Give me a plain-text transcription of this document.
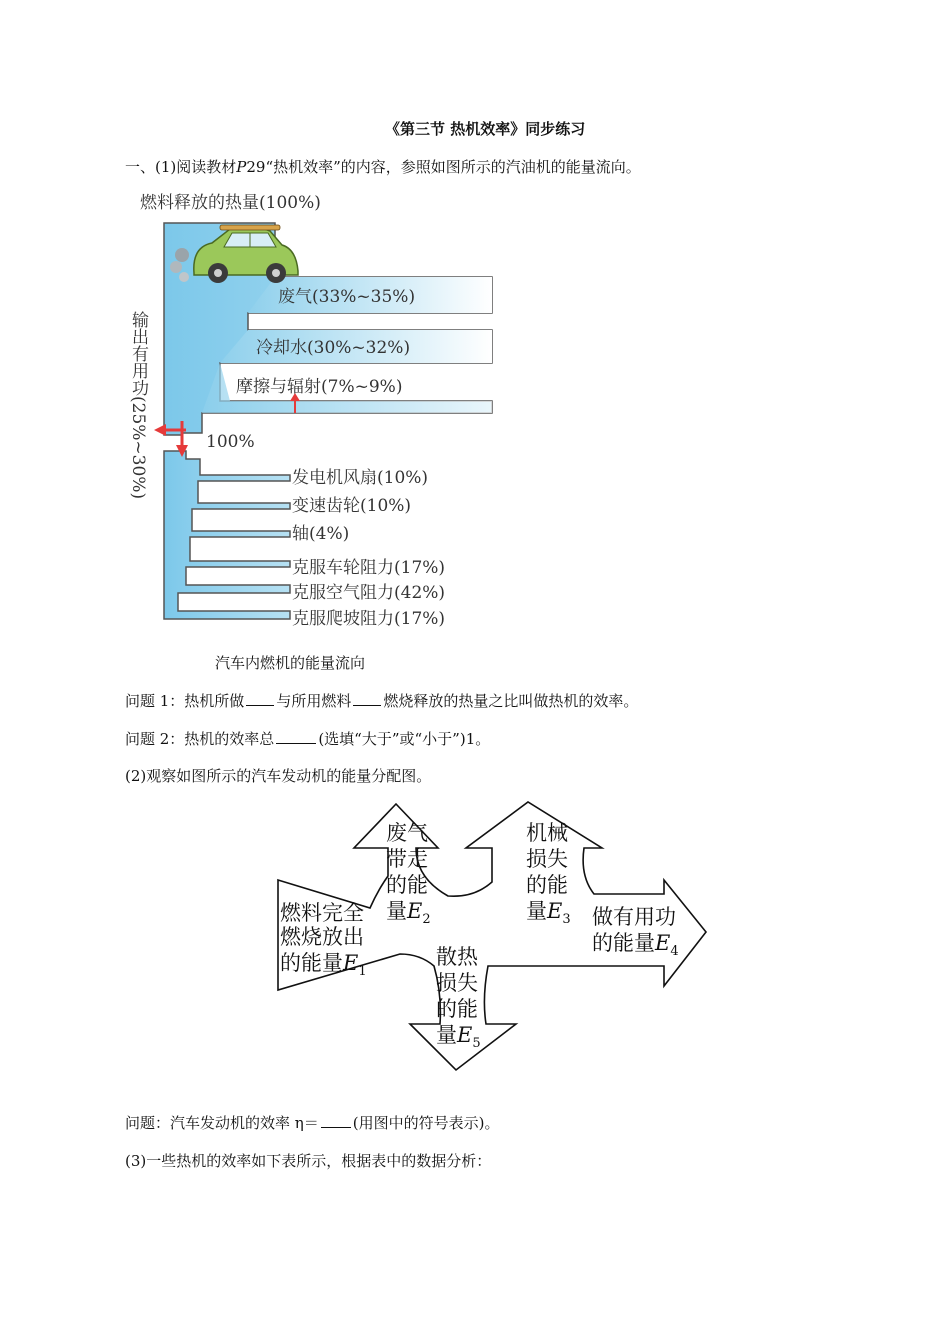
《第三节 热机效率》同步练习
一、(1)阅读教材P29“热机效率”的内容，参照如图所示的汽油机的能量流向。
燃料释放的热量(100%)
废气(33%~35%)
冷却水(30%~32%)
摩擦与辐射(7%~9%)
100%
发电机风扇(10%)
变速齿轮(10%)
轴(4%)
克服车轮阻力(17%)
克服空气阻力(42%)
克服爬坡阻力(17%)
输出有用功(25%~30%)
汽车内燃机的能量流向
问题 1：热机所做 与所用燃料 燃烧释放的热量之比叫做热机的效率。
问题 2：热机的效率总	(选填“大于”或“小于”)1。
(2)观察如图所示的汽车发动机的能量分配图。
燃料完全
燃烧放出
的能量$E_1$
废气
带走
的能
量$E_2$
机械
损失
的能
量$E_3$ 做有用功
的能量$E_4$
散热
损失
的能
量$E_5$
问题：汽车发动机的效率 η＝ (用图中的符号表示)。
(3)一些热机的效率如下表所示，根据表中的数据分析：
